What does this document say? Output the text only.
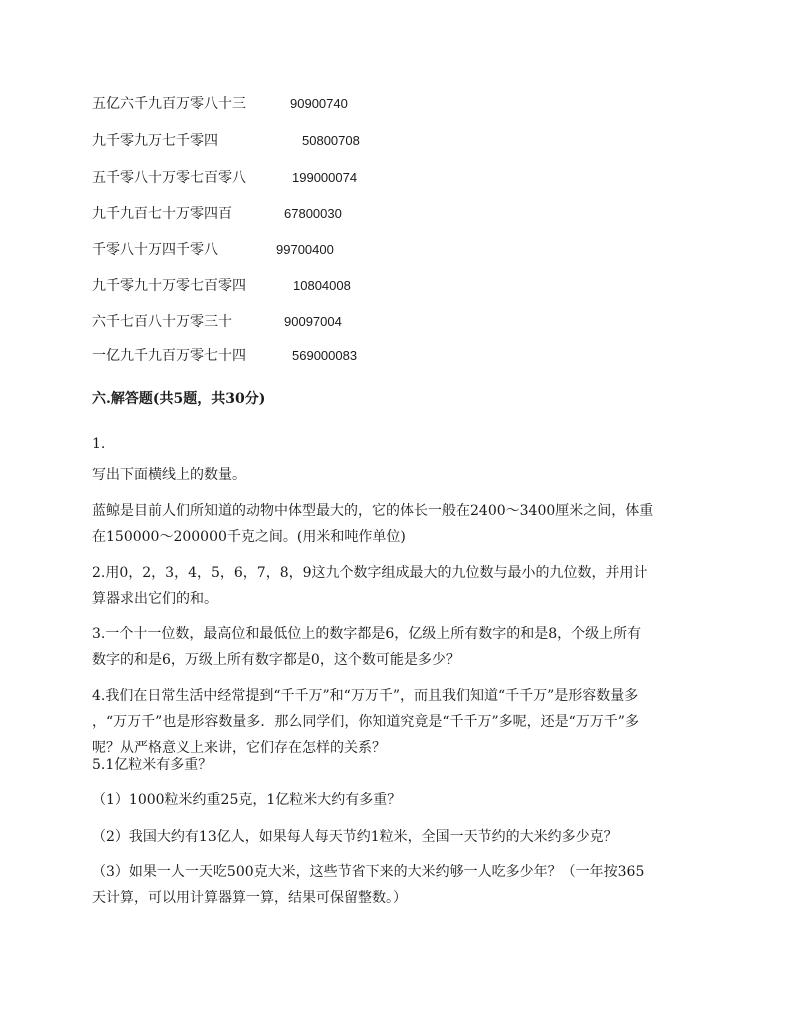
五亿六千九百万零八十三	90900740
九千零九万七千零四	50800708
五千零八十万零七百零八	199000074
九千九百七十万零四百	67800030
千零八十万四千零八	99700400
九千零九十万零七百零四	10804008
六千七百八十万零三十	90097004
一亿九千九百万零七十四	569000083
六.解答题(共5题，共30分)
1.
写出下面横线上的数量。
蓝鲸是目前人们所知道的动物中体型最大的，它的体长一般在2400～3400厘米之间，体重
在150000～200000千克之间。(用米和吨作单位)
2.用0，2，3，4，5，6，7，8，9这九个数字组成最大的九位数与最小的九位数，并用计
算器求出它们的和。
3.一个十一位数，最高位和最低位上的数字都是6，亿级上所有数字的和是8，个级上所有
数字的和是6，万级上所有数字都是0，这个数可能是多少？
4.我们在日常生活中经常提到“千千万”和“万万千”，而且我们知道“千千万”是形容数量多
，“万万千”也是形容数量多．那么同学们，你知道究竟是“千千万”多呢，还是“万万千”多
呢？从严格意义上来讲，它们存在怎样的关系？
5.1亿粒米有多重？
（1）1000粒米约重25克，1亿粒米大约有多重？
（2）我国大约有13亿人，如果每人每天节约1粒米，全国一天节约的大米约多少克？
（3）如果一人一天吃500克大米，这些节省下来的大米约够一人吃多少年？（一年按365
天计算，可以用计算器算一算，结果可保留整数。）
